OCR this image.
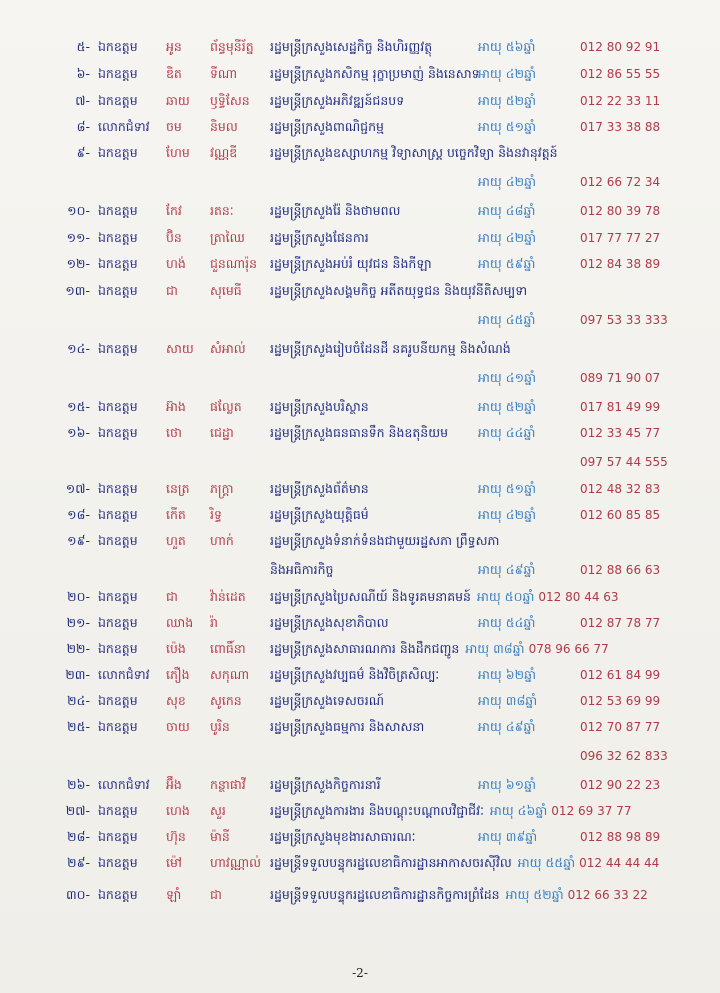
៥- ឯកឧត្តម អូន ព័ន្ធមុនីរ័ត្ន រដ្ឋមន្ត្រីក្រសួងសេដ្ឋកិច្ច និងហិរញ្ញវត្ថុ	អាយុ ៥៦ឆ្នាំ	012 80 92 91
៦- ឯកឧត្តម ឌិត ទីណា	រដ្ឋមន្ត្រីក្រសួងកសិកម្ម រុក្ខាប្រមាញ់ និងនេសាទ
អាយុ ៤២ឆ្នាំ	012 86 55 55
៧- ឯកឧត្តម ឆាយ ឫទ្ធិសែន រដ្ឋមន្ត្រីក្រសួងអភិវឌ្ឍន៍ជនបទ	អាយុ ៥២ឆ្នាំ	012 22 33 11
៨- លោកជំទាវ ចម និមល	រដ្ឋមន្ត្រីក្រសួងពាណិជ្ជកម្ម	អាយុ ៥១ឆ្នាំ	017 33 38 88
៩- ឯកឧត្តម ហែម វណ្ណឌី	រដ្ឋមន្ត្រីក្រសួងឧស្សាហកម្ម វិទ្យាសាស្ត្រ បច្ចេកវិទ្យា និងនវានុវត្តន៍
អាយុ ៤២ឆ្នាំ	012 66 72 34
១០- ឯកឧត្តម កែវ រតនៈ	រដ្ឋមន្ត្រីក្រសួងរ៉ែ និងថាមពល	អាយុ ៤៨ឆ្នាំ	012 80 39 78
១១- ឯកឧត្តម ប៊ិន ត្រាឈៃ រដ្ឋមន្ត្រីក្រសួងផែនការ	អាយុ ៤២ឆ្នាំ	017 77 77 27
១២- ឯកឧត្តម ហង់ ជួនណារ៉ុន រដ្ឋមន្ត្រីក្រសួងអប់រំ យុវជន និងកីឡា	អាយុ ៥៩ឆ្នាំ	012 84 38 89
១៣- ឯកឧត្តម ជា	សុមេធី រដ្ឋមន្ត្រីក្រសួងសង្គមកិច្ច អតីតយុទ្ធជន និងយុវនីតិសម្បទា
អាយុ ៤៥ឆ្នាំ	097 53 33 333
១៤- ឯកឧត្តម សាយ សំអាល់ រដ្ឋមន្ត្រីក្រសួងរៀបចំដែនដី នគរូបនីយកម្ម និងសំណង់
អាយុ ៤១ឆ្នាំ	089 71 90 07
១៥- ឯកឧត្តម អ៊ាង ផល្លែត រដ្ឋមន្ត្រីក្រសួងបរិស្ថាន	អាយុ ៥២ឆ្នាំ	017 81 49 99
១៦- ឯកឧត្តម ថោ ជេដ្ឋា	រដ្ឋមន្ត្រីក្រសួងធនធានទឹក និងឧតុនិយម អាយុ ៤៤ឆ្នាំ	012 33 45 77
097 57 44 555
១៧- ឯកឧត្តម នេត្រ ភក្ត្រា	រដ្ឋមន្ត្រីក្រសួងព័ត៌មាន	អាយុ ៥១ឆ្នាំ	012 48 32 83
១៨- ឯកឧត្តម កើត រិទ្ធ	រដ្ឋមន្ត្រីក្រសួងយុត្តិធម៌	អាយុ ៤២ឆ្នាំ	012 60 85 85
១៩- ឯកឧត្តម ហួត ហាក់	រដ្ឋមន្ត្រីក្រសួងទំនាក់ទំនងជាមួយរដ្ឋសភា ព្រឹទ្ធសភា
និងអធិការកិច្ច	អាយុ ៤៩ឆ្នាំ	012 88 66 63
២០- ឯកឧត្តម ជា	វ៉ាន់ដេត រដ្ឋមន្ត្រីក្រសួងប្រៃសណីយ៍ និងទូរគមនាគមន៍ អាយុ ៥០ឆ្នាំ 012 80 44 63
២១- ឯកឧត្តម ឈាង រ៉ា	រដ្ឋមន្ត្រីក្រសួងសុខាភិបាល	អាយុ ៥៤ឆ្នាំ	012 87 78 77
២២- ឯកឧត្តម ប៉េង ពោធិ៍នា រដ្ឋមន្ត្រីក្រសួងសាធារណការ និងដឹកជញ្ជូន អាយុ ៣៨ឆ្នាំ 078 96 66 77
២៣- លោកជំទាវ ភឿង សកុណា រដ្ឋមន្ត្រីក្រសួងវប្បធម៌ និងវិចិត្រសិល្បៈ	អាយុ ៦២ឆ្នាំ	012 61 84 99
២៤- ឯកឧត្តម សុខ សូកេន រដ្ឋមន្ត្រីក្រសួងទេសចរណ៍	អាយុ ៣៨ឆ្នាំ	012 53 69 99
២៥- ឯកឧត្តម ចាយ បូរិន	រដ្ឋមន្ត្រីក្រសួងធម្មការ និងសាសនា	អាយុ ៤៩ឆ្នាំ	012 70 87 77
096 32 62 833
២៦- លោកជំទាវ អ៊ឹង កន្ថាផាវី រដ្ឋមន្ត្រីក្រសួងកិច្ចការនារី	អាយុ ៦១ឆ្នាំ	012 90 22 23
២៧- ឯកឧត្តម ហេង សួរ	រដ្ឋមន្ត្រីក្រសួងការងារ និងបណ្តុះបណ្តាលវិជ្ជាជីវៈ អាយុ ៤៦ឆ្នាំ 012 69 37 77
២៨- ឯកឧត្តម ហ៊ុន ម៉ានី	រដ្ឋមន្ត្រីក្រសួងមុខងារសាធារណៈ	អាយុ ៣៩ឆ្នាំ	012 88 98 89
២៩- ឯកឧត្តម ម៉ៅ ហាវណ្ណាល់ រដ្ឋមន្ត្រីទទួលបន្ទុករដ្ឋលេខាធិការដ្ឋានអាកាសចរស៊ីវិល អាយុ ៥៥ឆ្នាំ 012 44 44 44
៣០- ឯកឧត្តម ឡាំ ជា	រដ្ឋមន្ត្រីទទួលបន្ទុករដ្ឋលេខាធិការដ្ឋានកិច្ចការព្រំដែន អាយុ ៥២ឆ្នាំ 012 66 33 22
-2-
